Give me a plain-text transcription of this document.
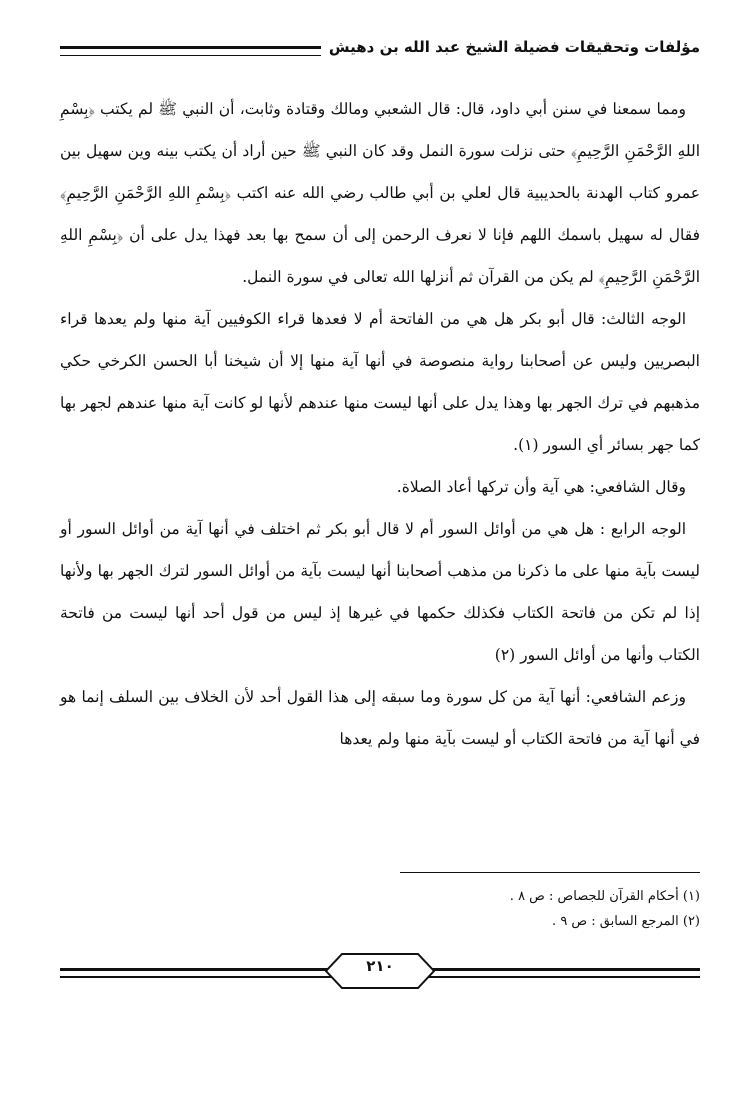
مؤلفات وتحقيقات فضيلة الشيخ عبد الله بن دهيش

ومما سمعنا في سنن أبي داود، قال: قال الشعبي ومالك وقتادة وثابت، أن النبي ﷺ لم يكتب ﴿بِسْمِ اللهِ الرَّحْمَنِ الرَّحِيمِ﴾ حتى نزلت سورة النمل وقد كان النبي ﷺ حين أراد أن يكتب بينه وين سهيل بين عمرو كتاب الهدنة بالحديبية قال لعلي بن أبي طالب رضي الله عنه اكتب ﴿بِسْمِ اللهِ الرَّحْمَنِ الرَّحِيمِ﴾ فقال له سهيل باسمك اللهم فإنا لا نعرف الرحمن إلى أن سمح بها بعد فهذا يدل على أن ﴿بِسْمِ اللهِ الرَّحْمَنِ الرَّحِيمِ﴾ لم يكن من القرآن ثم أنزلها الله تعالى في سورة النمل.

الوجه الثالث: قال أبو بكر هل هي من الفاتحة أم لا فعدها قراء الكوفيين آية منها ولم يعدها قراء البصريين وليس عن أصحابنا رواية منصوصة في أنها آية منها إلا أن شيخنا أبا الحسن الكرخي حكي مذهبهم في ترك الجهر بها وهذا يدل على أنها ليست منها عندهم لأنها لو كانت آية منها عندهم لجهر بها كما جهر بسائر أي السور (١).

وقال الشافعي: هي آية وأن تركها أعاد الصلاة.

الوجه الرابع : هل هي من أوائل السور أم لا قال أبو بكر ثم اختلف في أنها آية من أوائل السور أو ليست بآية منها على ما ذكرنا من مذهب أصحابنا أنها ليست بآية من أوائل السور لترك الجهر بها ولأنها إذا لم تكن من فاتحة الكتاب فكذلك حكمها في غيرها إذ ليس من قول أحد أنها ليست من فاتحة الكتاب وأنها من أوائل السور (٢)

وزعم الشافعي: أنها آية من كل سورة وما سبقه إلى هذا القول أحد لأن الخلاف بين السلف إنما هو في أنها آية من فاتحة الكتاب أو ليست بآية منها ولم يعدها

(١) أحكام القرآن للجصاص : ص ٨ .
(٢) المرجع السابق : ص ٩ .
٢١٠
